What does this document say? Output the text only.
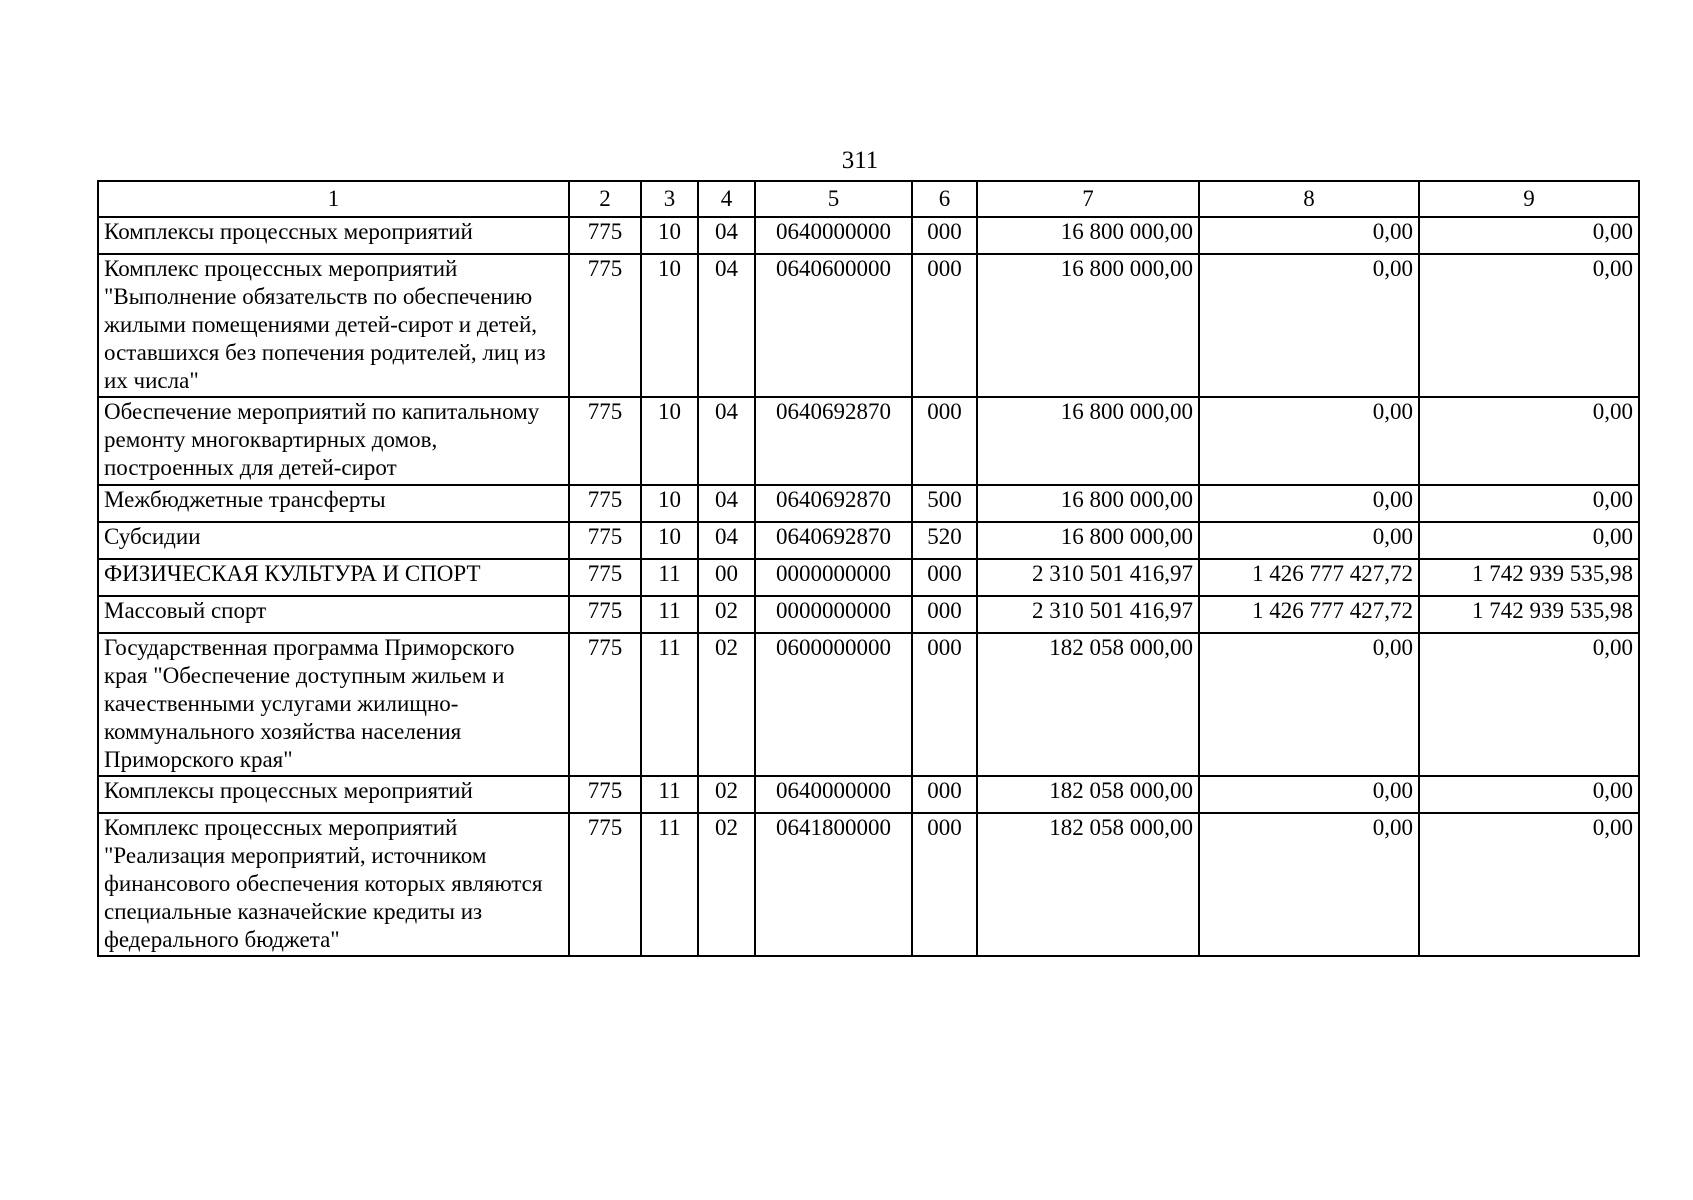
311
1	2	3	4	5	6	7	8	9
Комплексы процессных мероприятий	775	10	04	0640000000	000	16 800 000,00	0,00	0,00
Комплекс процессных мероприятий "Выполнение обязательств по обеспечению жилыми помещениями детей-сирот и детей, оставшихся без попечения родителей, лиц из их числа"	775	10	04	0640600000	000	16 800 000,00	0,00	0,00
Обеспечение мероприятий по капитальному ремонту многоквартирных домов, построенных для детей-сирот	775	10	04	0640692870	000	16 800 000,00	0,00	0,00
Межбюджетные трансферты	775	10	04	0640692870	500	16 800 000,00	0,00	0,00
Субсидии	775	10	04	0640692870	520	16 800 000,00	0,00	0,00
ФИЗИЧЕСКАЯ КУЛЬТУРА И СПОРТ	775	11	00	0000000000	000	2 310 501 416,97	1 426 777 427,72	1 742 939 535,98
Массовый спорт	775	11	02	0000000000	000	2 310 501 416,97	1 426 777 427,72	1 742 939 535,98
Государственная программа Приморского края "Обеспечение доступным жильем и качественными услугами жилищно-коммунального хозяйства населения Приморского края"	775	11	02	0600000000	000	182 058 000,00	0,00	0,00
Комплексы процессных мероприятий	775	11	02	0640000000	000	182 058 000,00	0,00	0,00
Комплекс процессных мероприятий "Реализация мероприятий, источником финансового обеспечения которых являются специальные казначейские кредиты из федерального бюджета"	775	11	02	0641800000	000	182 058 000,00	0,00	0,00
